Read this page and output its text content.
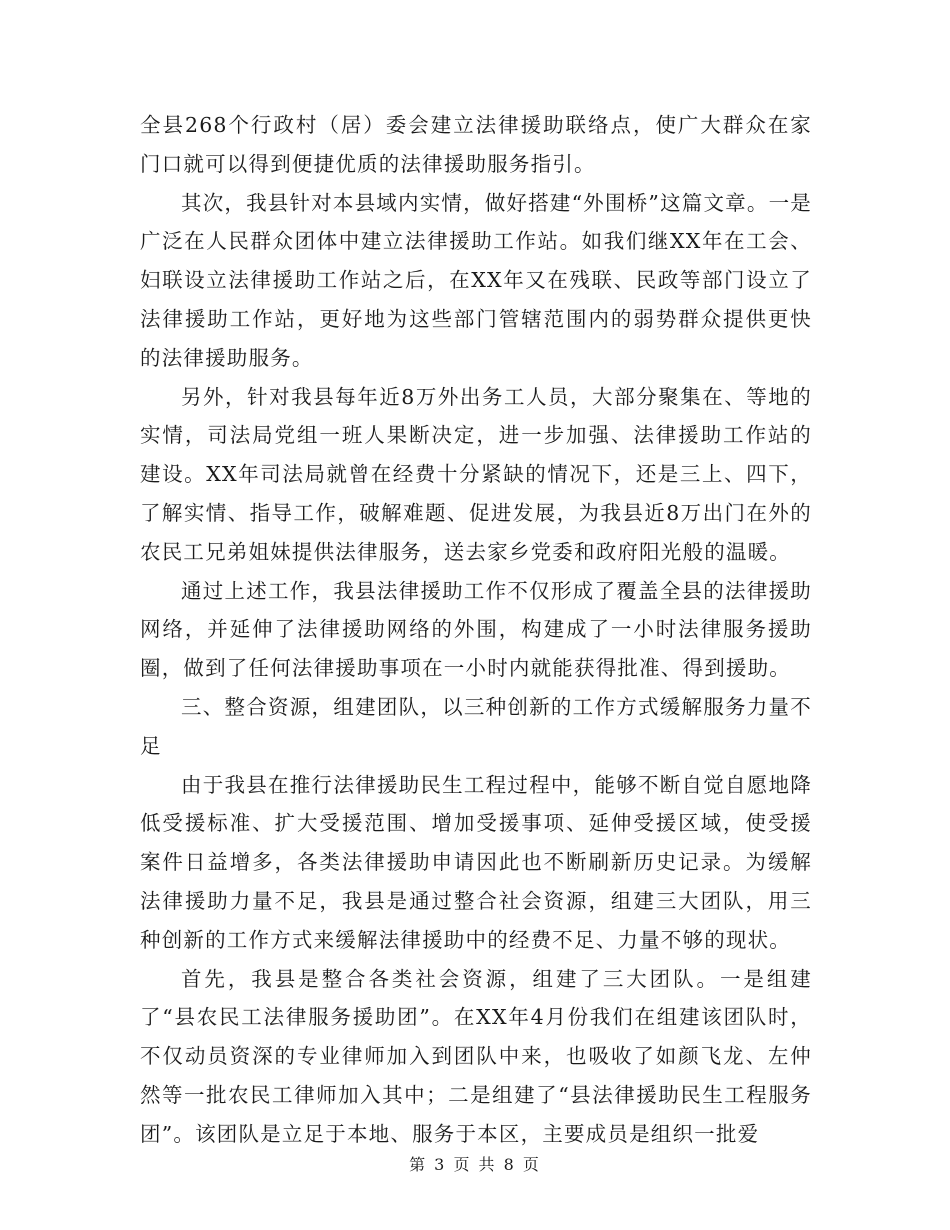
全县268个行政村（居）委会建立法律援助联络点，使广大群众在家门口就可以得到便捷优质的法律援助服务指引。

其次，我县针对本县域内实情，做好搭建“外围桥”这篇文章。一是广泛在人民群众团体中建立法律援助工作站。如我们继XX年在工会、妇联设立法律援助工作站之后，在XX年又在残联、民政等部门设立了法律援助工作站，更好地为这些部门管辖范围内的弱势群众提供更快的法律援助服务。

另外，针对我县每年近8万外出务工人员，大部分聚集在、等地的实情，司法局党组一班人果断决定，进一步加强、法律援助工作站的建设。XX年司法局就曾在经费十分紧缺的情况下，还是三上、四下，了解实情、指导工作，破解难题、促进发展，为我县近8万出门在外的农民工兄弟姐妹提供法律服务，送去家乡党委和政府阳光般的温暖。

通过上述工作，我县法律援助工作不仅形成了覆盖全县的法律援助网络，并延伸了法律援助网络的外围，构建成了一小时法律服务援助圈，做到了任何法律援助事项在一小时内就能获得批准、得到援助。

三、整合资源，组建团队，以三种创新的工作方式缓解服务力量不足

由于我县在推行法律援助民生工程过程中，能够不断自觉自愿地降低受援标准、扩大受援范围、增加受援事项、延伸受援区域，使受援案件日益增多，各类法律援助申请因此也不断刷新历史记录。为缓解法律援助力量不足，我县是通过整合社会资源，组建三大团队，用三种创新的工作方式来缓解法律援助中的经费不足、力量不够的现状。

首先，我县是整合各类社会资源，组建了三大团队。一是组建了“县农民工法律服务援助团”。在XX年4月份我们在组建该团队时，不仅动员资深的专业律师加入到团队中来，也吸收了如颜飞龙、左仲然等一批农民工律师加入其中；二是组建了“县法律援助民生工程服务团”。该团队是立足于本地、服务于本区，主要成员是组织一批爱

第 3 页 共 8 页
